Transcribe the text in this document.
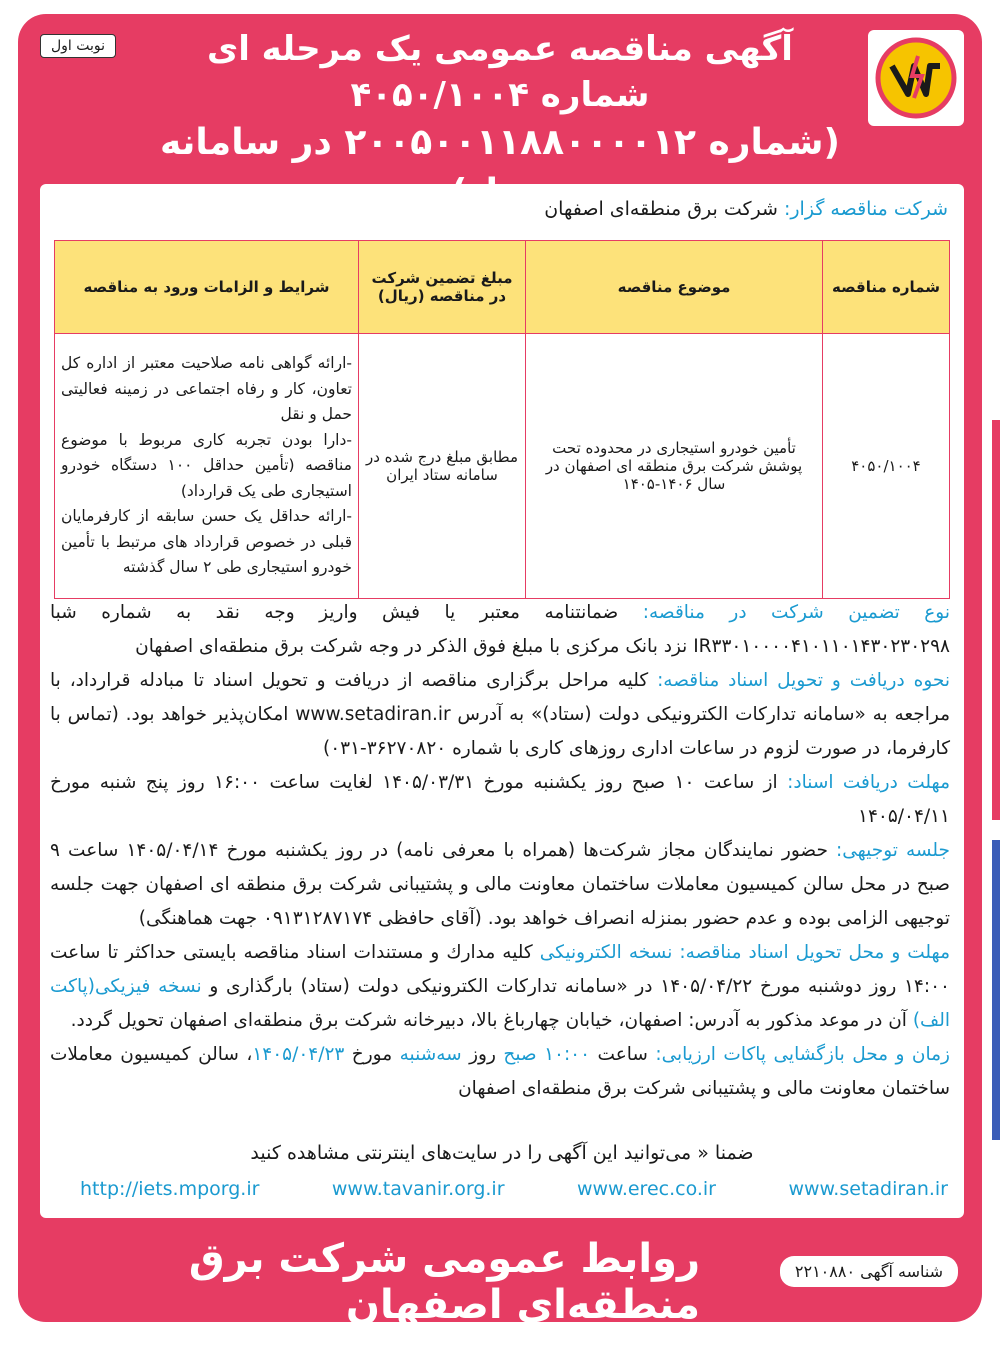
نوبت اول	آگهی مناقصه عمومی یک مرحله ای
شماره ۴۰۵۰/۱۰۰۴
(شماره ۲۰۰۵۰۰۱۱۸۸۰۰۰۰۱۲ در سامانه
شرکت مناقصه گزار: شرکت برق منطقه‌ای اصفهان
شماره مناقصه	موضوع مناقصه	مبلغ تضمین شرکت در مناقصه (ریال)	شرایط و الزامات ورود به مناقصه
۴۰۵۰/۱۰۰۴	تأمین خودرو استیجاری در محدوده تحت پوشش شرکت برق منطقه ای اصفهان در سال ۱۴۰۶-۱۴۰۵	مطابق مبلغ درج شده در سامانه ستاد ایران	-ارائه گواهی نامه صلاحیت معتبر از اداره کل تعاون، کار و رفاه اجتماعی در زمینه فعالیتی حمل و نقل
-دارا بودن تجربه کاری مربوط با موضوع مناقصه (تأمین حداقل ۱۰۰ دستگاه خودرو استیجاری طی یک قرارداد)
-ارائه حداقل یک حسن سابقه از کارفرمایان قبلی در خصوص قرارداد های مرتبط با تأمین خودرو استیجاری طی ۲ سال گذشته

نوع تضمین شرکت در مناقصه: ضمانتنامه معتبر یا فیش واریز وجه نقد به شماره شبا IR۳۳۰۱۰۰۰۰۴۱۰۱۱۰۱۴۳۰۲۳۰۲۹۸ نزد بانک مرکزی با مبلغ فوق الذکر در وجه شرکت برق منطقه‌ای اصفهان

نحوه دریافت و تحویل اسناد مناقصه: کلیه مراحل برگزاری مناقصه از دریافت و تحویل اسناد تا مبادله قرارداد، با مراجعه به «سامانه تدارکات الکترونیکی دولت (ستاد)» به آدرس www.setadiran.ir امکان‌پذیر خواهد بود. (تماس با کارفرما، در صورت لزوم در ساعات اداری روزهای کاری با شماره ۳۶۲۷۰۸۲۰-۰۳۱)

مهلت دریافت اسناد: از ساعت ۱۰ صبح روز یکشنبه مورخ ۱۴۰۵/۰۳/۳۱ لغایت ساعت ۱۶:۰۰ روز پنج شنبه مورخ ۱۴۰۵/۰۴/۱۱

جلسه توجیهی: حضور نمایندگان مجاز شرکت‌ها (همراه با معرفی نامه) در روز یکشنبه مورخ ۱۴۰۵/۰۴/۱۴ ساعت ۹ صبح در محل سالن کمیسیون معاملات ساختمان معاونت مالی و پشتیبانی شرکت برق منطقه ای اصفهان جهت جلسه توجیهی الزامی بوده و عدم حضور بمنزله انصراف خواهد بود. (آقای حافظی ۰۹۱۳۱۲۸۷۱۷۴ جهت هماهنگی)

مهلت و محل تحویل اسناد مناقصه: نسخه الکترونیکی کلیه مدارك و مستندات اسناد مناقصه بایستی حداکثر تا ساعت ۱۴:۰۰ روز دوشنبه مورخ ۱۴۰۵/۰۴/۲۲ در «سامانه تدارکات الکترونیکی دولت (ستاد) بارگذاری و نسخه فیزیکی(پاکت الف) آن در موعد مذکور به آدرس: اصفهان، خیابان چهارباغ بالا، دبیرخانه شرکت برق منطقه‌ای اصفهان تحویل گردد.

زمان و محل بازگشایی پاکات ارزیابی: ساعت ۱۰:۰۰ صبح روز سه‌شنبه مورخ ۱۴۰۵/۰۴/۲۳، سالن کمیسیون معاملات ساختمان معاونت مالی و پشتیبانی شرکت برق منطقه‌ای اصفهان

ضمنا « می‌توانید این آگهی را در سایت‌های اینترنتی مشاهده کنید
www.setadiran.ir
www.erec.co.ir
www.tavanir.org.ir
http://iets.mporg.ir
شناسه آگهی ۲۲۱۰۸۸۰
روابط عمومی شرکت برق منطقه‌ای اصفهان
